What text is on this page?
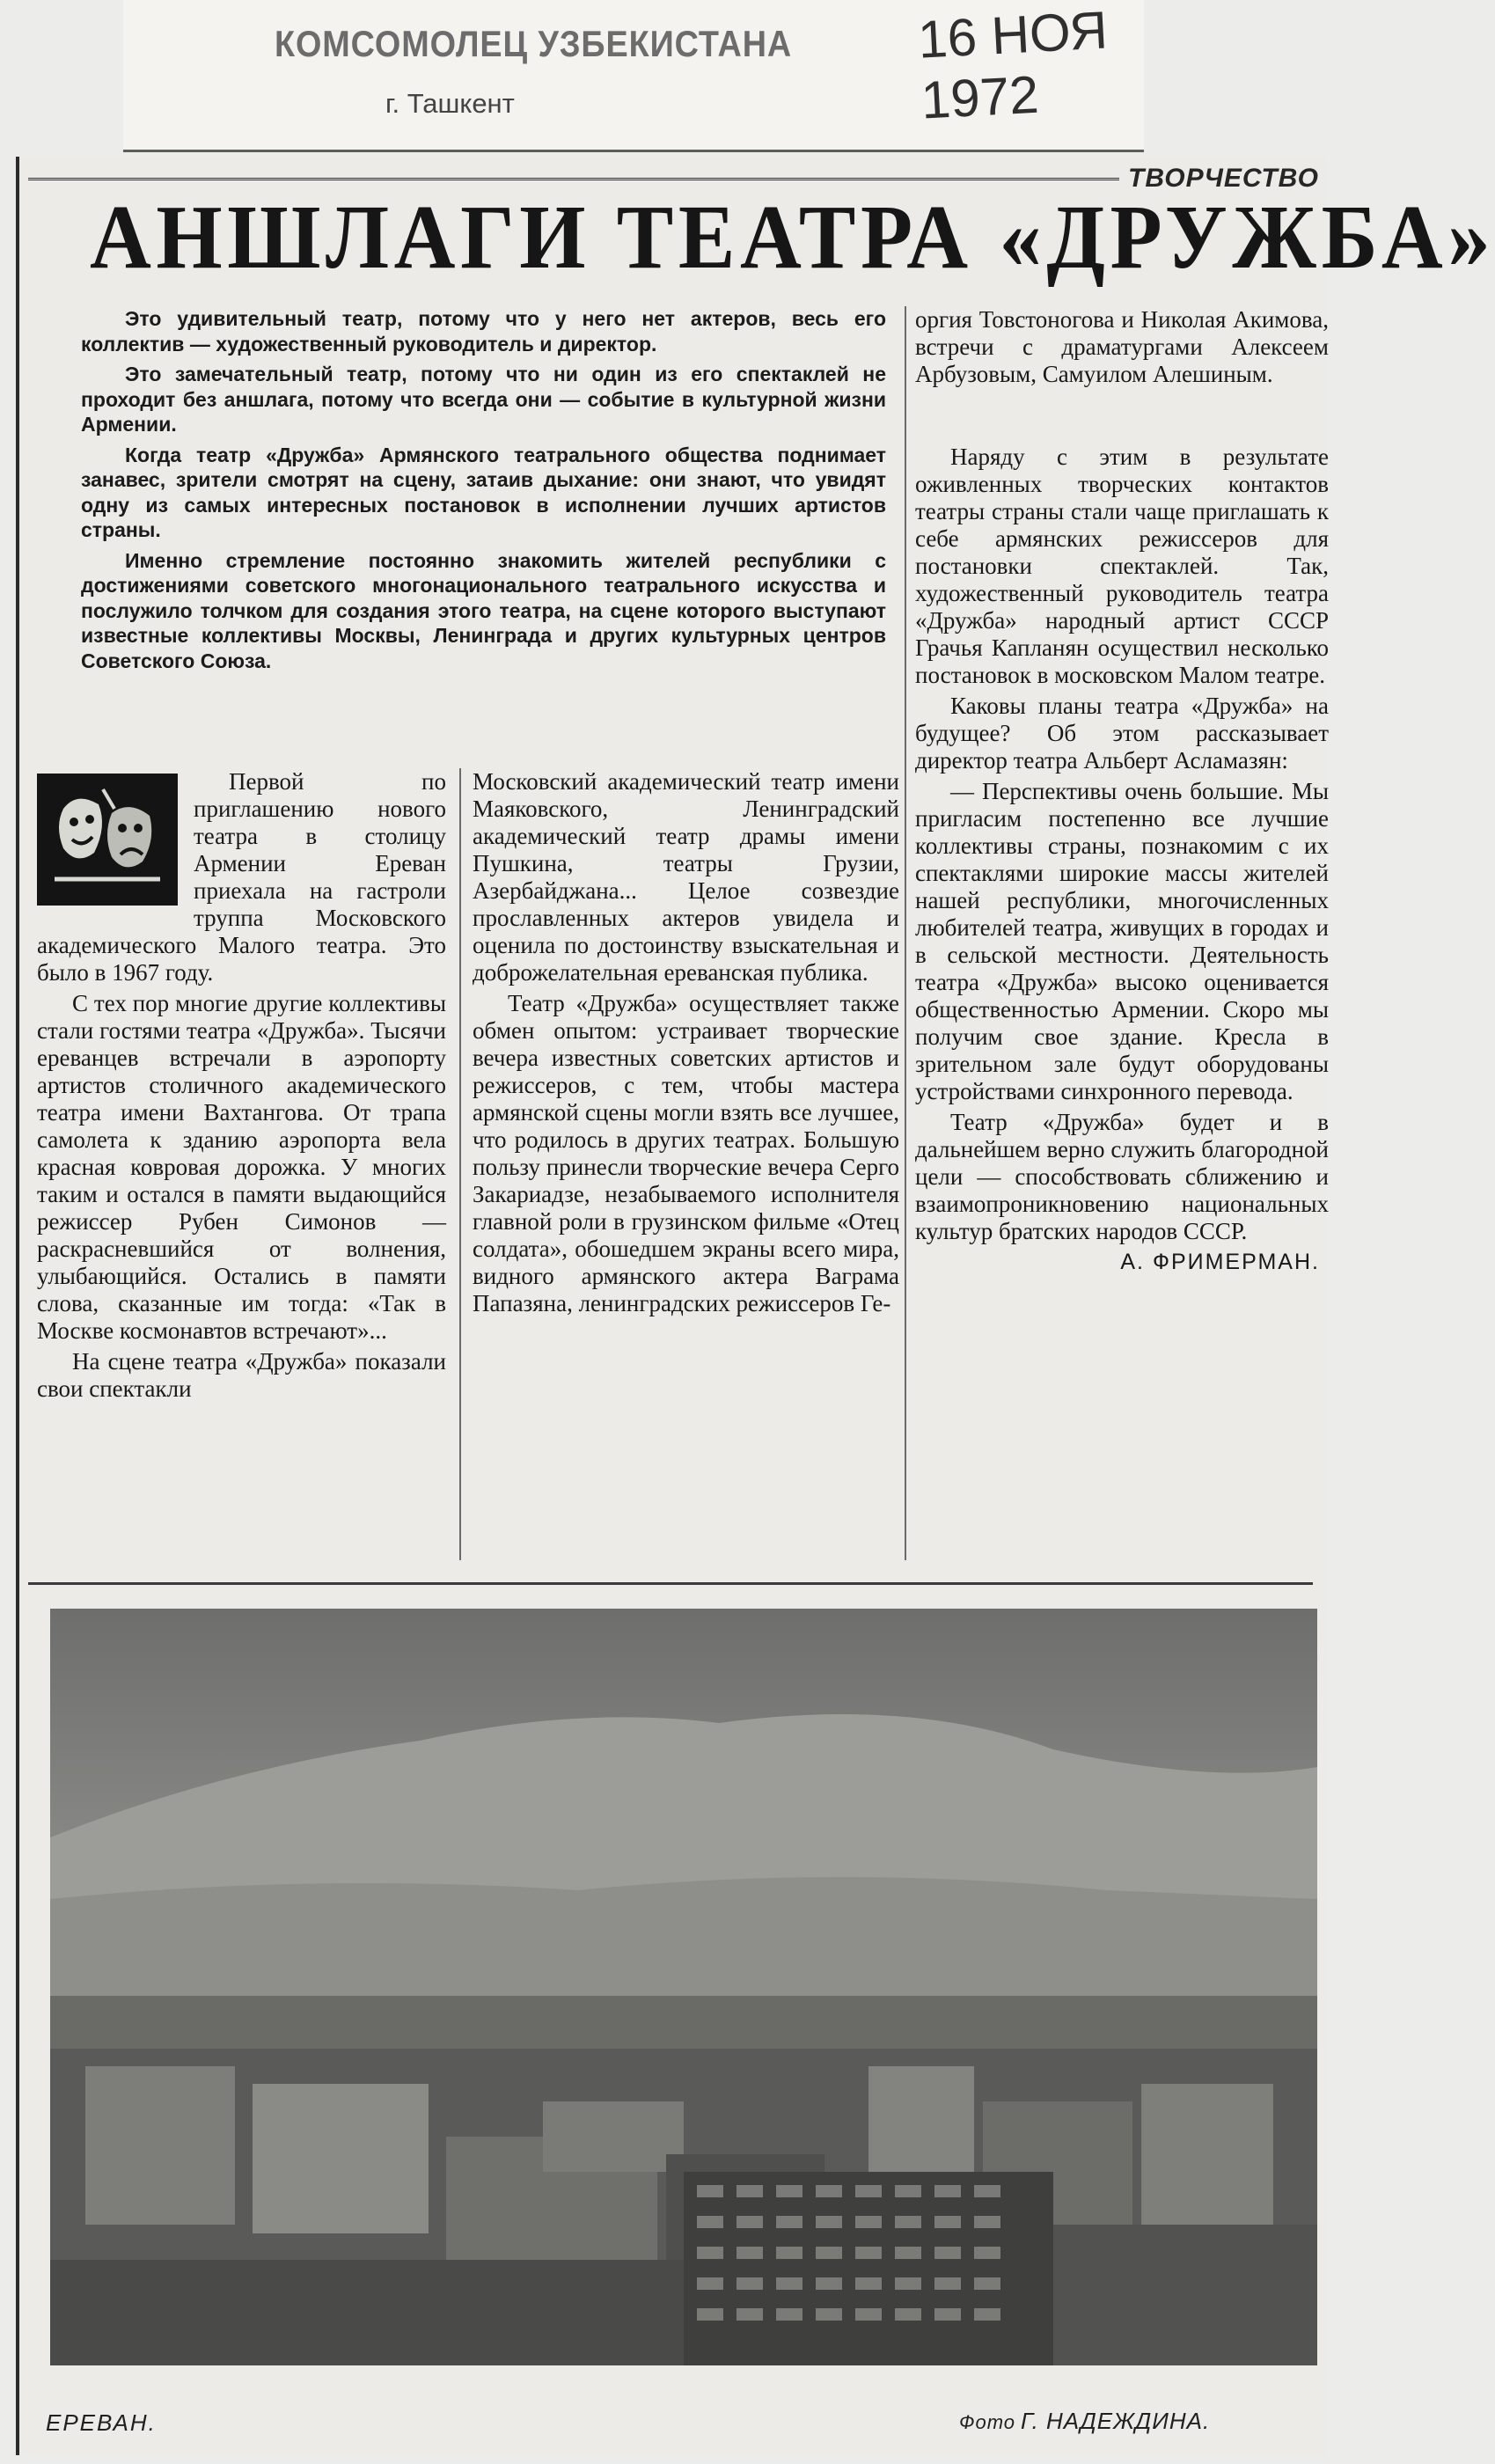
КОМСОМОЛЕЦ УЗБЕКИСТАНА
г. Ташкент
16 НОЯ 1972
ТВОРЧЕСТВО
АНШЛАГИ ТЕАТРА «ДРУЖБА»

Это удивительный театр, потому что у него нет актеров, весь его коллектив — художественный руководитель и директор.

Это замечательный театр, потому что ни один из его спектаклей не проходит без аншлага, потому что всегда они — событие в культурной жизни Армении.

Когда театр «Дружба» Армянского театрального общества поднимает занавес, зрители смотрят на сцену, затаив дыхание: они знают, что увидят одну из самых интересных постановок в исполнении лучших артистов страны.

Именно стремление постоянно знакомить жителей республики с достижениями советского многонационального театрального искусства и послужило толчком для создания этого театра, на сцене которого выступают известные коллективы Москвы, Ленинграда и других культурных центров Советского Союза.

Первой по приглашению нового театра в столицу Армении Ереван приехала на гастроли труппа Московского академического Малого театра. Это было в 1967 году.

С тех пор многие другие коллективы стали гостями театра «Дружба». Тысячи ереванцев встречали в аэропорту артистов столичного академического театра имени Вахтангова. От трапа самолета к зданию аэропорта вела красная ковровая дорожка. У многих таким и остался в памяти выдающийся режиссер Рубен Симонов — раскрасневшийся от волнения, улыбающийся. Остались в памяти слова, сказанные им тогда: «Так в Москве космонавтов встречают»...

На сцене театра «Дружба» показали свои спектакли

Московский академический театр имени Маяковского, Ленинградский академический театр драмы имени Пушкина, театры Грузии, Азербайджана... Целое созвездие прославленных актеров увидела и оценила по достоинству взыскательная и доброжелательная ереванская публика.

Театр «Дружба» осуществляет также обмен опытом: устраивает творческие вечера известных советских артистов и режиссеров, с тем, чтобы мастера армянской сцены могли взять все лучшее, что родилось в других театрах. Большую пользу принесли творческие вечера Серго Закариадзе, незабываемого исполнителя главной роли в грузинском фильме «Отец солдата», обошедшем экраны всего мира, видного армянского актера Ваграма Папазяна, ленинградских режиссеров Ге-

оргия Товстоногова и Николая Акимова, встречи с драматургами Алексеем Арбузовым, Самуилом Алешиным.

Наряду с этим в результате оживленных творческих контактов театры страны стали чаще приглашать к себе армянских режиссеров для постановки спектаклей. Так, художественный руководитель театра «Дружба» народный артист СССР Грачья Капланян осуществил несколько постановок в московском Малом театре.

Каковы планы театра «Дружба» на будущее? Об этом рассказывает директор театра Альберт Асламазян:

— Перспективы очень большие. Мы пригласим постепенно все лучшие коллективы страны, познакомим с их спектаклями широкие массы жителей нашей республики, многочисленных любителей театра, живущих в городах и в сельской местности. Деятельность театра «Дружба» высоко оценивается общественностью Армении. Скоро мы получим свое здание. Кресла в зрительном зале будут оборудованы устройствами синхронного перевода.

Театр «Дружба» будет и в дальнейшем верно служить благородной цели — способствовать сближению и взаимопроникновению национальных культур братских народов СССР.

А. ФРИМЕРМАН.
ЕРЕВАН.	Фото Г. НАДЕЖДИНА.
